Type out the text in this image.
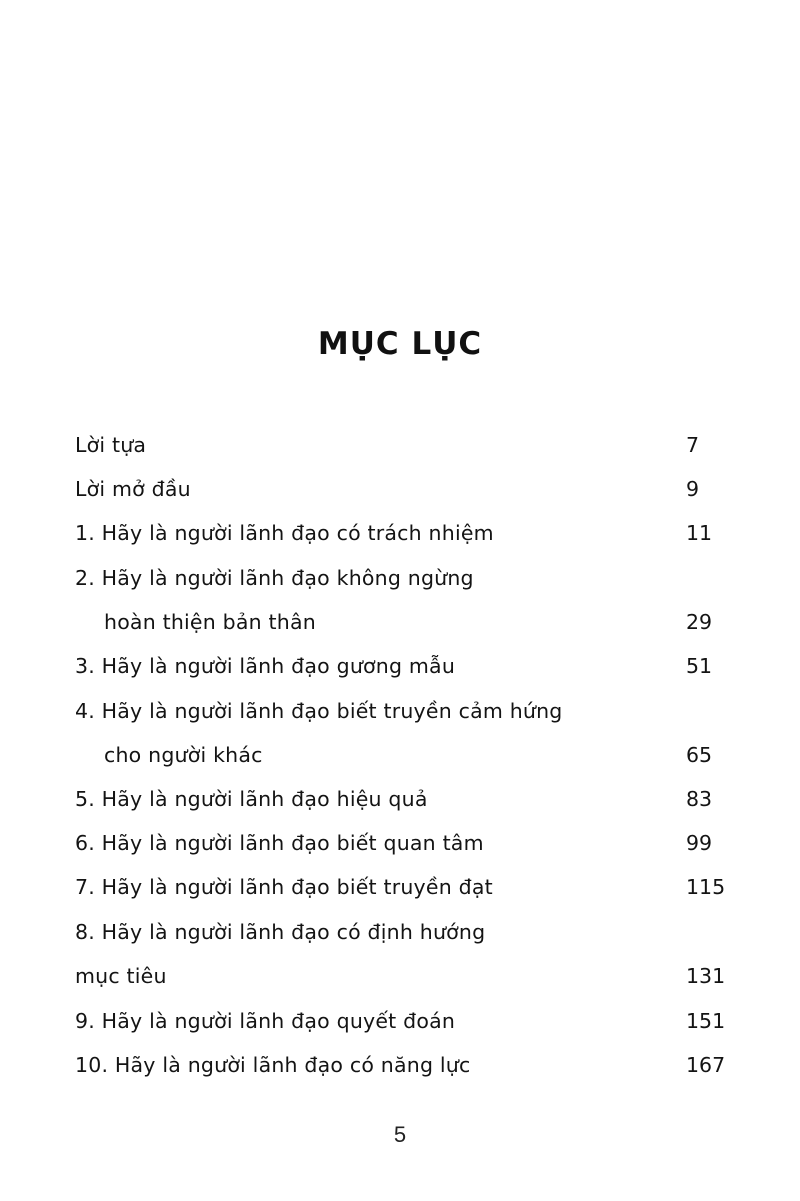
MỤC LỤC
Lời tựa	7
Lời mở đầu	9
1. Hãy là người lãnh đạo có trách nhiệm	11
2. Hãy là người lãnh đạo không ngừng
hoàn thiện bản thân	29
3. Hãy là người lãnh đạo gương mẫu	51
4. Hãy là người lãnh đạo biết truyền cảm hứng
cho người khác	65
5. Hãy là người lãnh đạo hiệu quả	83
6. Hãy là người lãnh đạo biết quan tâm	99
7. Hãy là người lãnh đạo biết truyền đạt	115
8. Hãy là người lãnh đạo có định hướng
mục tiêu	131
9. Hãy là người lãnh đạo quyết đoán	151
10. Hãy là người lãnh đạo có năng lực	167
5
